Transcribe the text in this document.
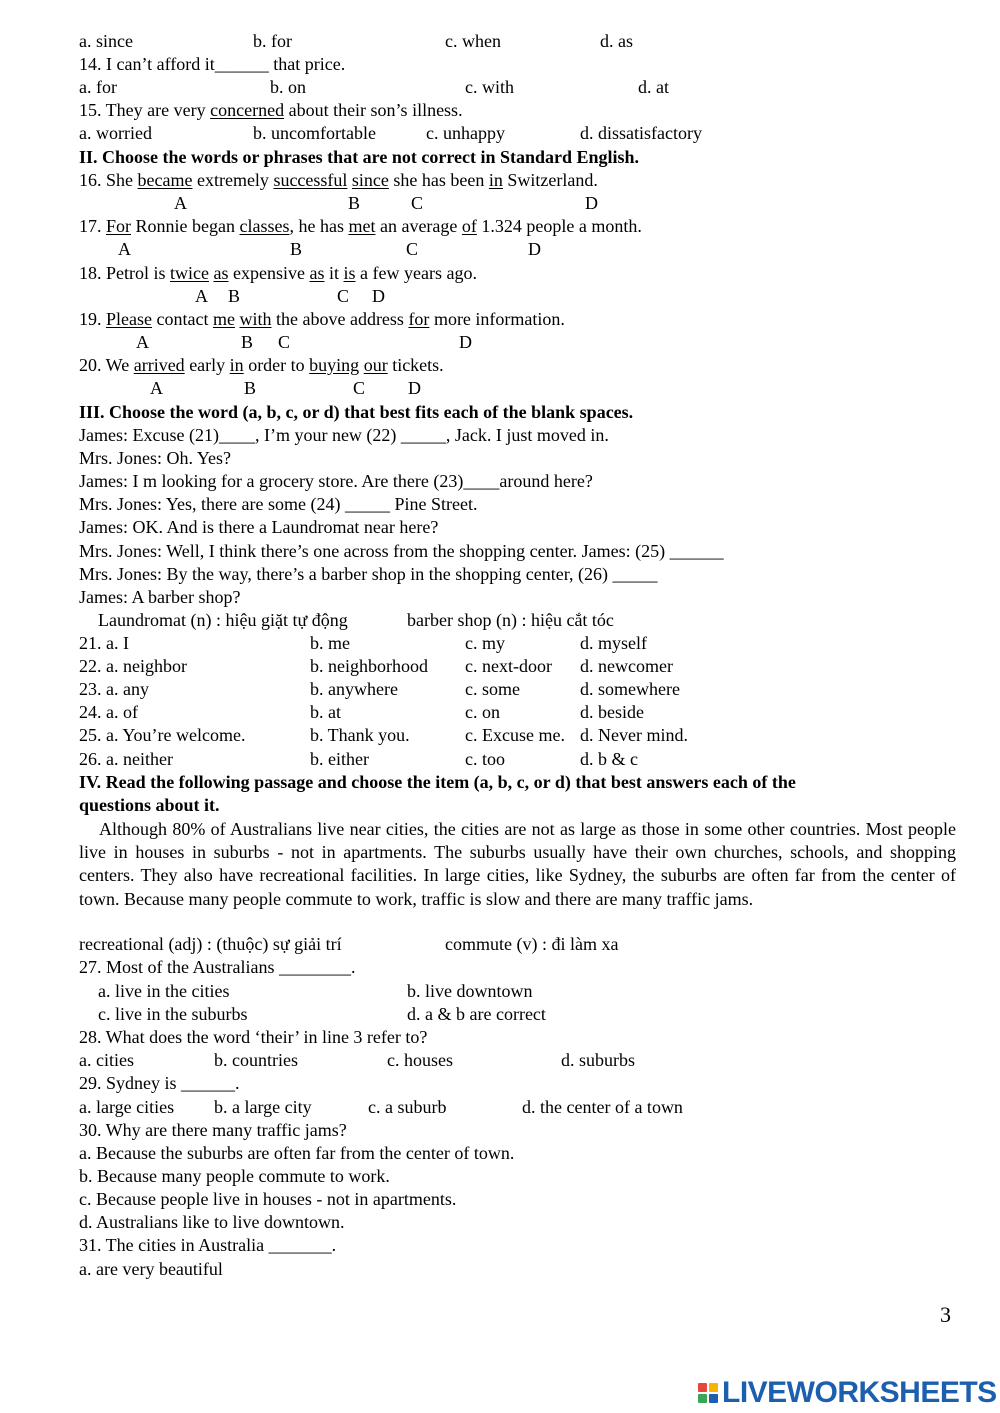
a. since	b. for	c. when	d. as
14. I can’t afford it______ that price.
a. for	b. on	c. with	d. at
15. They are very concerned about their son’s illness.
a. worried	b. uncomfortable	c. unhappy	d. dissatisfactory
II. Choose the words or phrases that are not correct in Standard English.
16. She became extremely successful since she has been in Switzerland.
A	B	C	D
17. For Ronnie began classes, he has met an average of 1.324 people a month.
A	B	C	D
18. Petrol is twice as expensive as it is a few years ago.
A B	C D
19. Please contact me with the above address for more information.
A	B C	D
20. We arrived early in order to buying our tickets.
A	B	C D
III. Choose the word (a, b, c, or d) that best fits each of the blank spaces.
James: Excuse (21)____, I’m your new (22) _____, Jack. I just moved in.
Mrs. Jones: Oh. Yes?
James: I m looking for a grocery store. Are there (23)____around here?
Mrs. Jones: Yes, there are some (24) _____ Pine Street.
James: OK. And is there a Laundromat near here?
Mrs. Jones: Well, I think there’s one across from the shopping center. James: (25) ______
Mrs. Jones: By the way, there’s a barber shop in the shopping center, (26) _____
James: A barber shop?
Laundromat (n) : hiệu giặt tự động	barber shop (n) : hiệu cắt tóc
21. a. I	b. me	c. my	d. myself
22. a. neighbor	b. neighborhood c. next-door d. newcomer
23. a. any	b. anywhere	c. some	d. somewhere
24. a. of	b. at	c. on	d. beside
25. a. You’re welcome.	b. Thank you.	c. Excuse me. d. Never mind.
26. a. neither	b. either	c. too	d. b & c
IV. Read the following passage and choose the item (a, b, c, or d) that best answers each of the
questions about it.
Although 80% of Australians live near cities, the cities are not as large as those in some other countries. Most people live in houses in suburbs - not in apartments. The suburbs usually have their own churches, schools, and shopping centers. They also have recreational facilities. In large cities, like Sydney, the suburbs are often far from the center of town. Because many people commute to work, traffic is slow and there are many traffic jams.
recreational (adj) : (thuộc) sự giải trí	commute (v) : đi làm xa
27. Most of the Australians ________.
a. live in the cities	b. live downtown
c. live in the suburbs	d. a & b are correct
28. What does the word ‘their’ in line 3 refer to?
a. cities	b. countries	c. houses	d. suburbs
29. Sydney is ______.
a. large cities b. a large city	c. a suburb	d. the center of a town
30. Why are there many traffic jams?
a. Because the suburbs are often far from the center of town.
b. Because many people commute to work.
c. Because people live in houses - not in apartments.
d. Australians like to live downtown.
31. The cities in Australia _______.
a. are very beautiful
3
LIVEWORKSHEETS
